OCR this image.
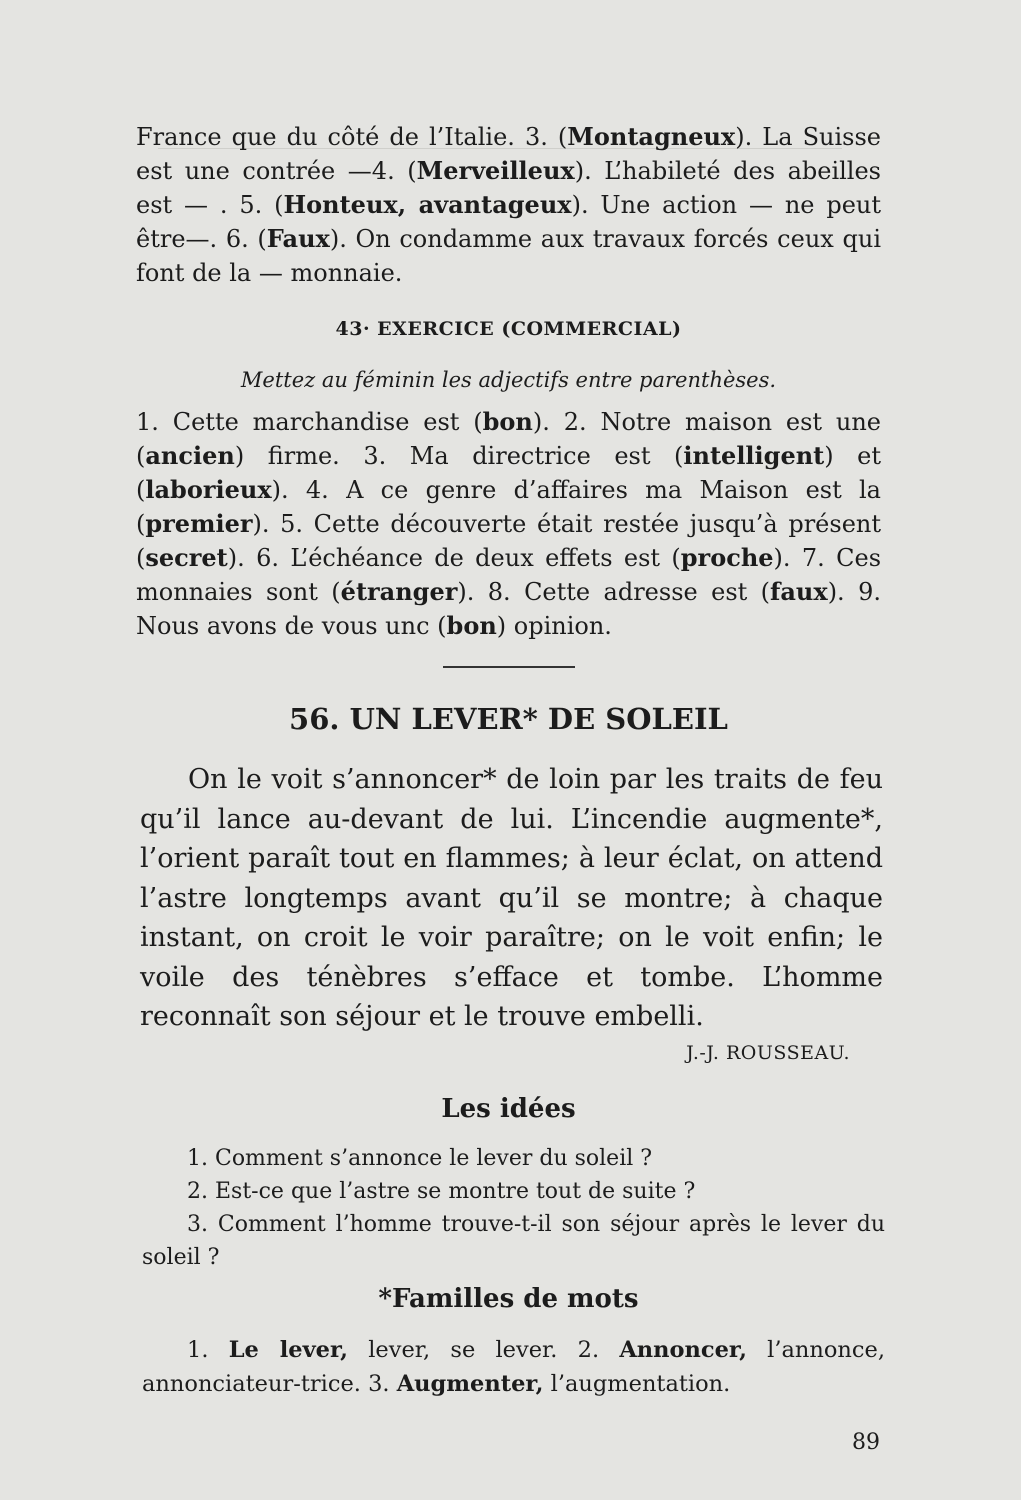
France que du côté de l’Italie. 3. (Montagneux). La Suisse est une contrée —4. (Merveilleux). L’habileté des abeilles est — . 5. (Honteux, avantageux). Une action — ne peut être—. 6. (Faux). On condamme aux travaux forcés ceux qui font de la — monnaie.
43· EXERCICE (COMMERCIAL)
Mettez au féminin les adjectifs entre parenthèses.
1. Cette marchandise est (bon). 2. Notre maison est une (ancien) firme. 3. Ma directrice est (intelligent) et (laborieux). 4. A ce genre d’affaires ma Maison est la (premier). 5. Cette découverte était restée jusqu’à présent (secret). 6. L’échéance de deux effets est (proche). 7. Ces monnaies sont (étranger). 8. Cette adresse est (faux). 9. Nous avons de vous unc (bon) opinion.
56. UN LEVER* DE SOLEIL

On le voit s’annoncer* de loin par les traits de feu qu’il lance au-devant de lui. L’incendie augmente*, l’orient paraît tout en flammes; à leur éclat, on attend l’astre longtemps avant qu’il se montre; à chaque instant, on croit le voir paraître; on le voit enfin; le voile des ténèbres s’efface et tombe. L’homme reconnaît son séjour et le trouve embelli.

J.-J. ROUSSEAU.
Les idées
1. Comment s’annonce le lever du soleil ?
2. Est-ce que l’astre se montre tout de suite ?
3. Comment l’homme trouve-t-il son séjour après le lever du soleil ?
*Familles de mots
1. Le lever, lever, se lever. 2. Annoncer, l’annonce, annonciateur-trice. 3. Augmenter, l’augmentation.
89
